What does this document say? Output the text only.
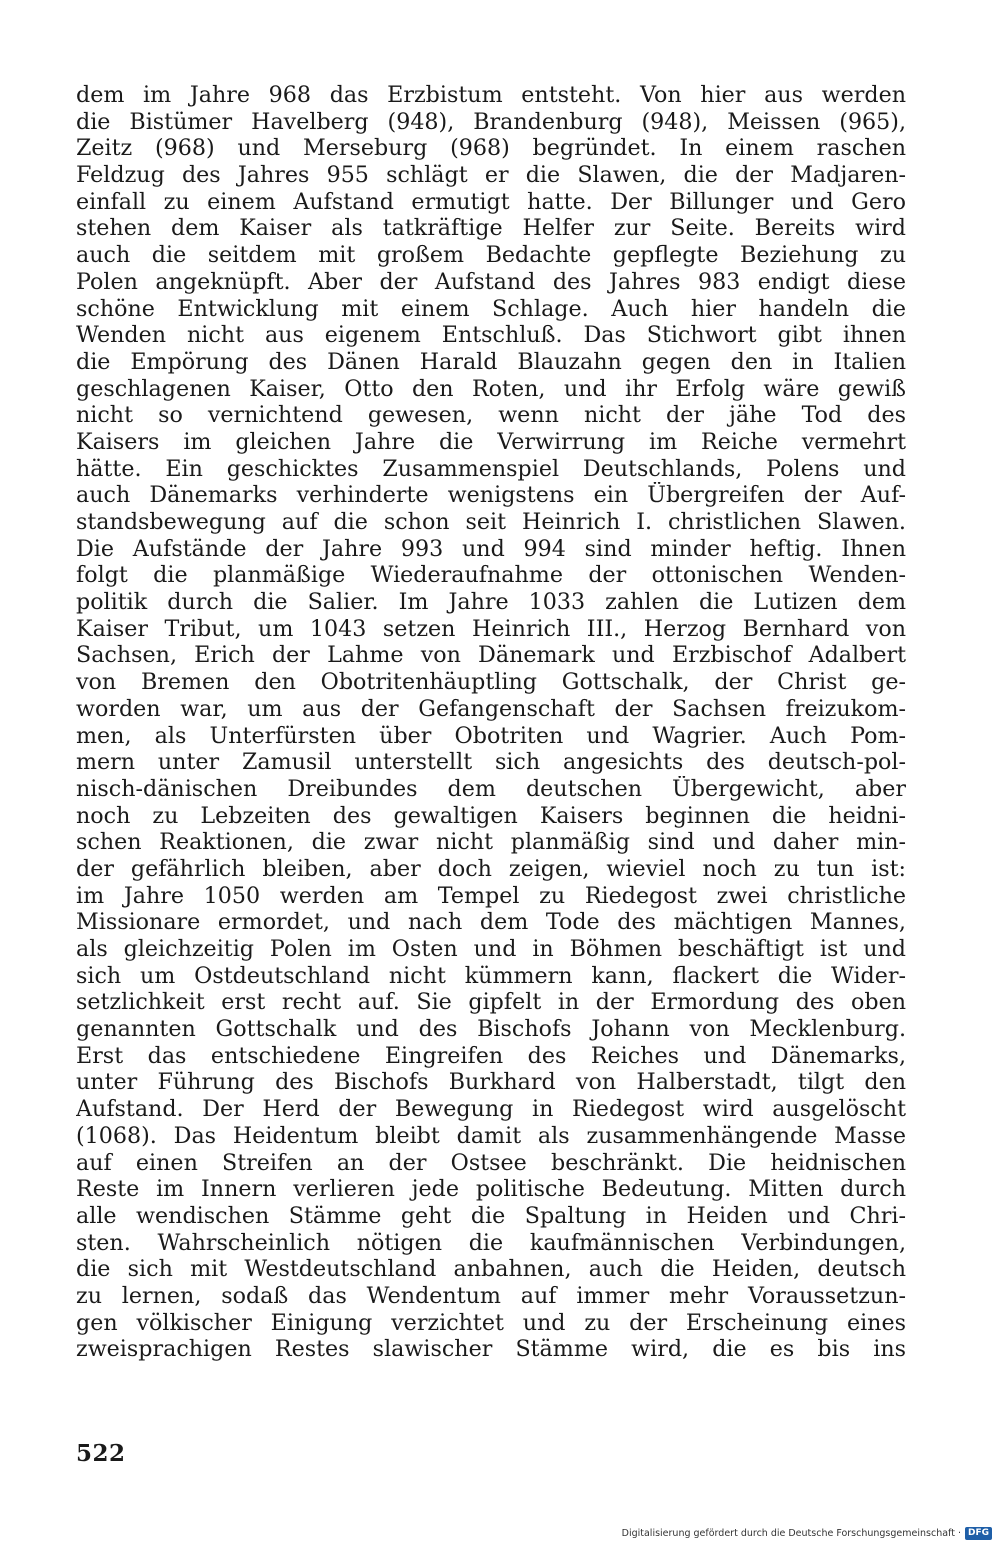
dem im Jahre 968 das Erzbistum entsteht. Von hier aus werden
die Bistümer Havelberg (948), Brandenburg (948), Meissen (965),
Zeitz (968) und Merseburg (968) begründet. In einem raschen
Feldzug des Jahres 955 schlägt er die Slawen, die der Madjaren-
einfall zu einem Aufstand ermutigt hatte. Der Billunger und Gero
stehen dem Kaiser als tatkräftige Helfer zur Seite. Bereits wird
auch die seitdem mit großem Bedachte gepflegte Beziehung zu
Polen angeknüpft. Aber der Aufstand des Jahres 983 endigt diese
schöne Entwicklung mit einem Schlage. Auch hier handeln die
Wenden nicht aus eigenem Entschluß. Das Stichwort gibt ihnen
die Empörung des Dänen Harald Blauzahn gegen den in Italien
geschlagenen Kaiser, Otto den Roten, und ihr Erfolg wäre gewiß
nicht so vernichtend gewesen, wenn nicht der jähe Tod des
Kaisers im gleichen Jahre die Verwirrung im Reiche vermehrt
hätte. Ein geschicktes Zusammenspiel Deutschlands, Polens und
auch Dänemarks verhinderte wenigstens ein Übergreifen der Auf-
standsbewegung auf die schon seit Heinrich I. christlichen Slawen.
Die Aufstände der Jahre 993 und 994 sind minder heftig. Ihnen
folgt die planmäßige Wiederaufnahme der ottonischen Wenden-
politik durch die Salier. Im Jahre 1033 zahlen die Lutizen dem
Kaiser Tribut, um 1043 setzen Heinrich III., Herzog Bernhard von
Sachsen, Erich der Lahme von Dänemark und Erzbischof Adalbert
von Bremen den Obotritenhäuptling Gottschalk, der Christ ge-
worden war, um aus der Gefangenschaft der Sachsen freizukom-
men, als Unterfürsten über Obotriten und Wagrier. Auch Pom-
mern unter Zamusil unterstellt sich angesichts des deutsch-pol-
nisch-dänischen Dreibundes dem deutschen Übergewicht, aber
noch zu Lebzeiten des gewaltigen Kaisers beginnen die heidni-
schen Reaktionen, die zwar nicht planmäßig sind und daher min-
der gefährlich bleiben, aber doch zeigen, wieviel noch zu tun ist:
im Jahre 1050 werden am Tempel zu Riedegost zwei christliche
Missionare ermordet, und nach dem Tode des mächtigen Mannes,
als gleichzeitig Polen im Osten und in Böhmen beschäftigt ist und
sich um Ostdeutschland nicht kümmern kann, flackert die Wider-
setzlichkeit erst recht auf. Sie gipfelt in der Ermordung des oben
genannten Gottschalk und des Bischofs Johann von Mecklenburg.
Erst das entschiedene Eingreifen des Reiches und Dänemarks,
unter Führung des Bischofs Burkhard von Halberstadt, tilgt den
Aufstand. Der Herd der Bewegung in Riedegost wird ausgelöscht
(1068). Das Heidentum bleibt damit als zusammenhängende Masse
auf einen Streifen an der Ostsee beschränkt. Die heidnischen
Reste im Innern verlieren jede politische Bedeutung. Mitten durch
alle wendischen Stämme geht die Spaltung in Heiden und Chri-
sten. Wahrscheinlich nötigen die kaufmännischen Verbindungen,
die sich mit Westdeutschland anbahnen, auch die Heiden, deutsch
zu lernen, sodaß das Wendentum auf immer mehr Voraussetzun-
gen völkischer Einigung verzichtet und zu der Erscheinung eines
zweisprachigen Restes slawischer Stämme wird, die es bis ins
522
Digitalisierung gefördert durch die Deutsche Forschungsgemeinschaft · DFG
